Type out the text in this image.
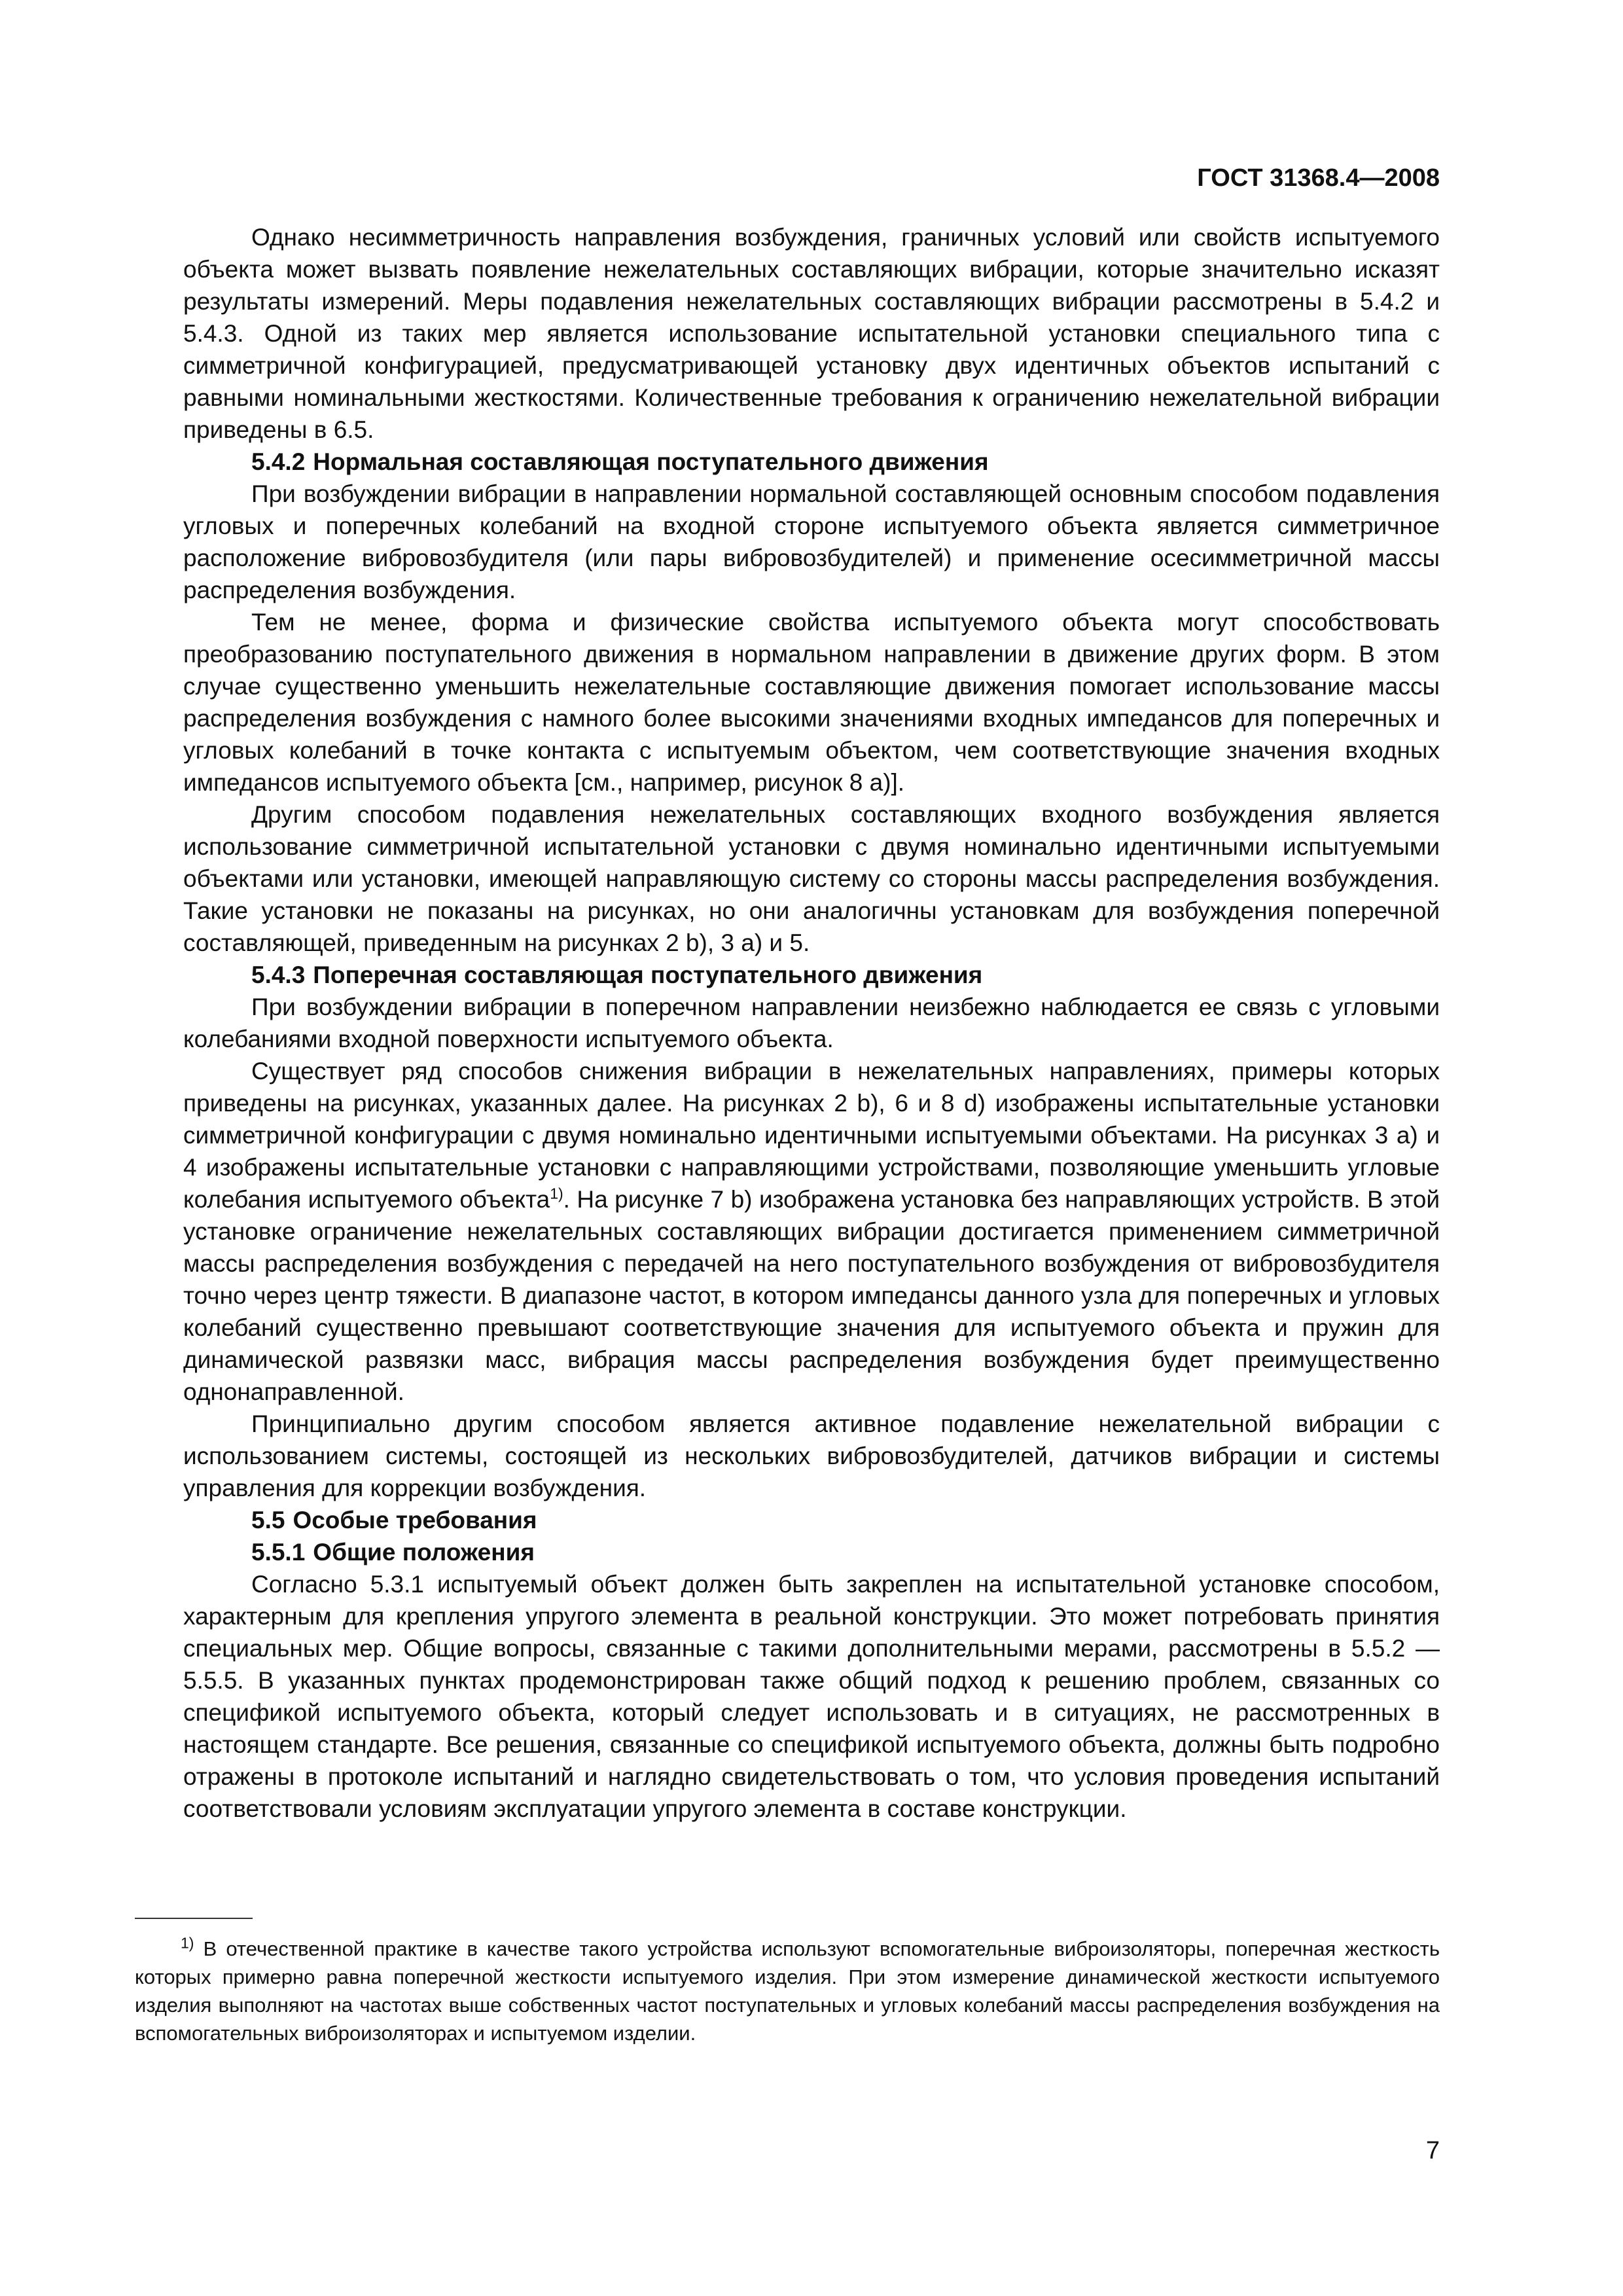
ГОСТ 31368.4—2008

Однако несимметричность направления возбуждения, граничных условий или свойств испытуемого объекта может вызвать появление нежелательных составляющих вибрации, которые значительно исказят результаты измерений. Меры подавления нежелательных составляющих вибрации рассмотрены в 5.4.2 и 5.4.3. Одной из таких мер является использование испытательной установки специального типа с симметричной конфигурацией, предусматривающей установку двух идентичных объектов испытаний с равными номинальными жесткостями. Количественные требования к ограничению нежелательной вибрации приведены в 6.5.

5.4.2 Нормальная составляющая поступательного движения

При возбуждении вибрации в направлении нормальной составляющей основным способом подавления угловых и поперечных колебаний на входной стороне испытуемого объекта является симметричное расположение вибровозбудителя (или пары вибровозбудителей) и применение осесимметричной массы распределения возбуждения.

Тем не менее, форма и физические свойства испытуемого объекта могут способствовать преобразованию поступательного движения в нормальном направлении в движение других форм. В этом случае существенно уменьшить нежелательные составляющие движения помогает использование массы распределения возбуждения с намного более высокими значениями входных импедансов для поперечных и угловых колебаний в точке контакта с испытуемым объектом, чем соответствующие значения входных импедансов испытуемого объекта [см., например, рисунок 8 а)].

Другим способом подавления нежелательных составляющих входного возбуждения является использование симметричной испытательной установки с двумя номинально идентичными испытуемыми объектами или установки, имеющей направляющую систему со стороны массы распределения возбуждения. Такие установки не показаны на рисунках, но они аналогичны установкам для возбуждения поперечной составляющей, приведенным на рисунках 2 b), 3 а) и 5.

5.4.3 Поперечная составляющая поступательного движения

При возбуждении вибрации в поперечном направлении неизбежно наблюдается ее связь с угловыми колебаниями входной поверхности испытуемого объекта.

Существует ряд способов снижения вибрации в нежелательных направлениях, примеры которых приведены на рисунках, указанных далее. На рисунках 2 b), 6 и 8 d) изображены испытательные установки симметричной конфигурации с двумя номинально идентичными испытуемыми объектами. На рисунках 3 а) и 4 изображены испытательные установки с направляющими устройствами, позволяющие уменьшить угловые колебания испытуемого объекта$^{1)}$. На рисунке 7 b) изображена установка без направляющих устройств. В этой установке ограничение нежелательных составляющих вибрации достигается применением симметричной массы распределения возбуждения с передачей на него поступательного возбуждения от вибровозбудителя точно через центр тяжести. В диапазоне частот, в котором импедансы данного узла для поперечных и угловых колебаний существенно превышают соответствующие значения для испытуемого объекта и пружин для динамической развязки масс, вибрация массы распределения возбуждения будет преимущественно однонаправленной.

Принципиально другим способом является активное подавление нежелательной вибрации с использованием системы, состоящей из нескольких вибровозбудителей, датчиков вибрации и системы управления для коррекции возбуждения.

5.5 Особые требования
5.5.1 Общие положения

Согласно 5.3.1 испытуемый объект должен быть закреплен на испытательной установке способом, характерным для крепления упругого элемента в реальной конструкции. Это может потребовать принятия специальных мер. Общие вопросы, связанные с такими дополнительными мерами, рассмотрены в 5.5.2 — 5.5.5. В указанных пунктах продемонстрирован также общий подход к решению проблем, связанных со спецификой испытуемого объекта, который следует использовать и в ситуациях, не рассмотренных в настоящем стандарте. Все решения, связанные со спецификой испытуемого объекта, должны быть подробно отражены в протоколе испытаний и наглядно свидетельствовать о том, что условия проведения испытаний соответствовали условиям эксплуатации упругого элемента в составе конструкции.

$^{1)}$ В отечественной практике в качестве такого устройства используют вспомогательные виброизоляторы, поперечная жесткость которых примерно равна поперечной жесткости испытуемого изделия. При этом измерение динамической жесткости испытуемого изделия выполняют на частотах выше собственных частот поступательных и угловых колебаний массы распределения возбуждения на вспомогательных виброизоляторах и испытуемом изделии.

7
